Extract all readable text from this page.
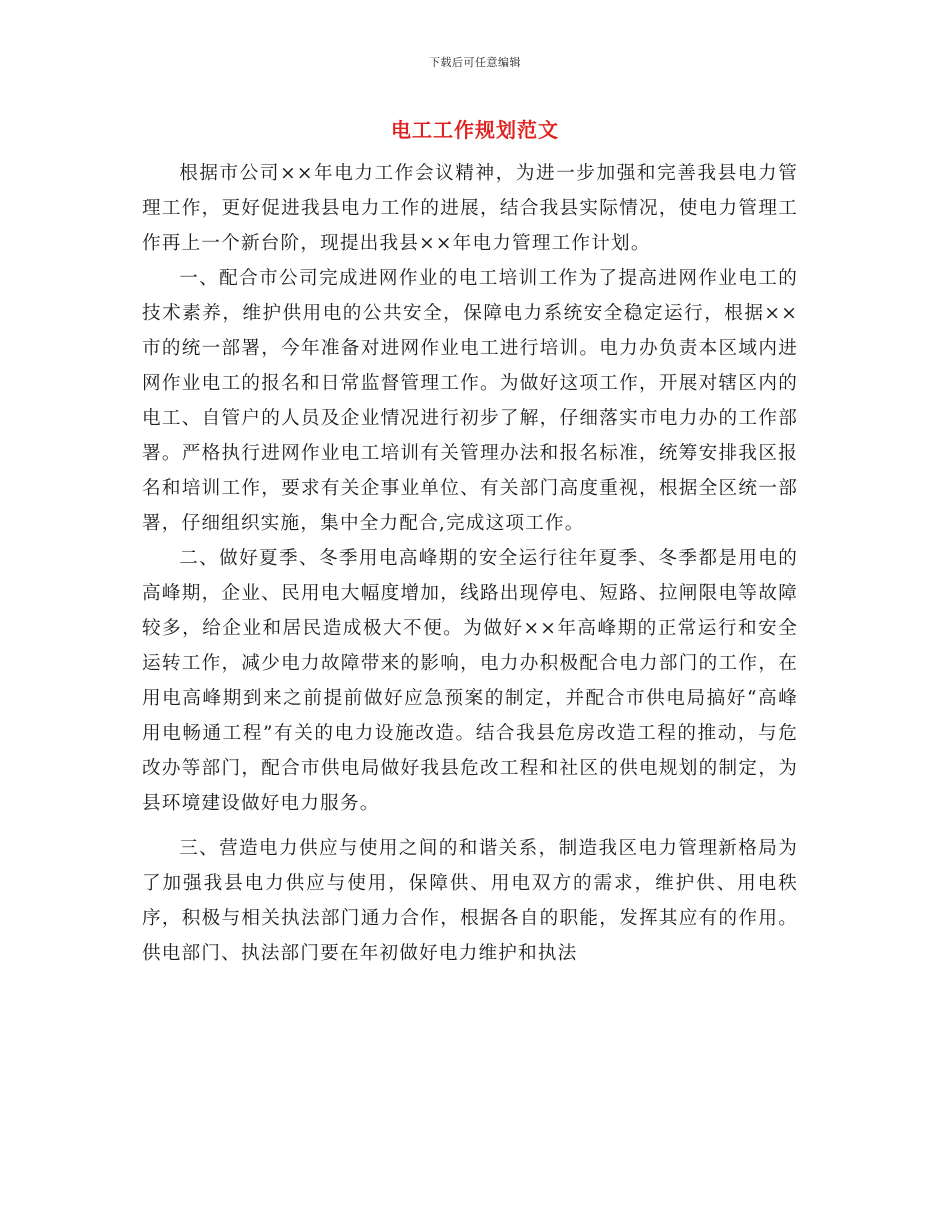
下载后可任意编辑
电工工作规划范文

根据市公司××年电力工作会议精神，为进一步加强和完善我县电力管理工作，更好促进我县电力工作的进展，结合我县实际情况，使电力管理工作再上一个新台阶，现提出我县××年电力管理工作计划。

一、配合市公司完成进网作业的电工培训工作为了提高进网作业电工的技术素养，维护供用电的公共安全，保障电力系统安全稳定运行，根据××市的统一部署，今年准备对进网作业电工进行培训。电力办负责本区域内进网作业电工的报名和日常监督管理工作。为做好这项工作，开展对辖区内的电工、自管户的人员及企业情况进行初步了解，仔细落实市电力办的工作部署。严格执行进网作业电工培训有关管理办法和报名标准，统筹安排我区报名和培训工作，要求有关企事业单位、有关部门高度重视，根据全区统一部署，仔细组织实施，集中全力配合,完成这项工作。

二、做好夏季、冬季用电高峰期的安全运行往年夏季、冬季都是用电的高峰期，企业、民用电大幅度增加，线路出现停电、短路、拉闸限电等故障较多，给企业和居民造成极大不便。为做好××年高峰期的正常运行和安全运转工作，减少电力故障带来的影响，电力办积极配合电力部门的工作，在用电高峰期到来之前提前做好应急预案的制定，并配合市供电局搞好“高峰用电畅通工程”有关的电力设施改造。结合我县危房改造工程的推动，与危改办等部门，配合市供电局做好我县危改工程和社区的供电规划的制定，为县环境建设做好电力服务。

三、营造电力供应与使用之间的和谐关系，制造我区电力管理新格局为了加强我县电力供应与使用，保障供、用电双方的需求，维护供、用电秩序，积极与相关执法部门通力合作，根据各自的职能，发挥其应有的作用。供电部门、执法部门要在年初做好电力维护和执法
